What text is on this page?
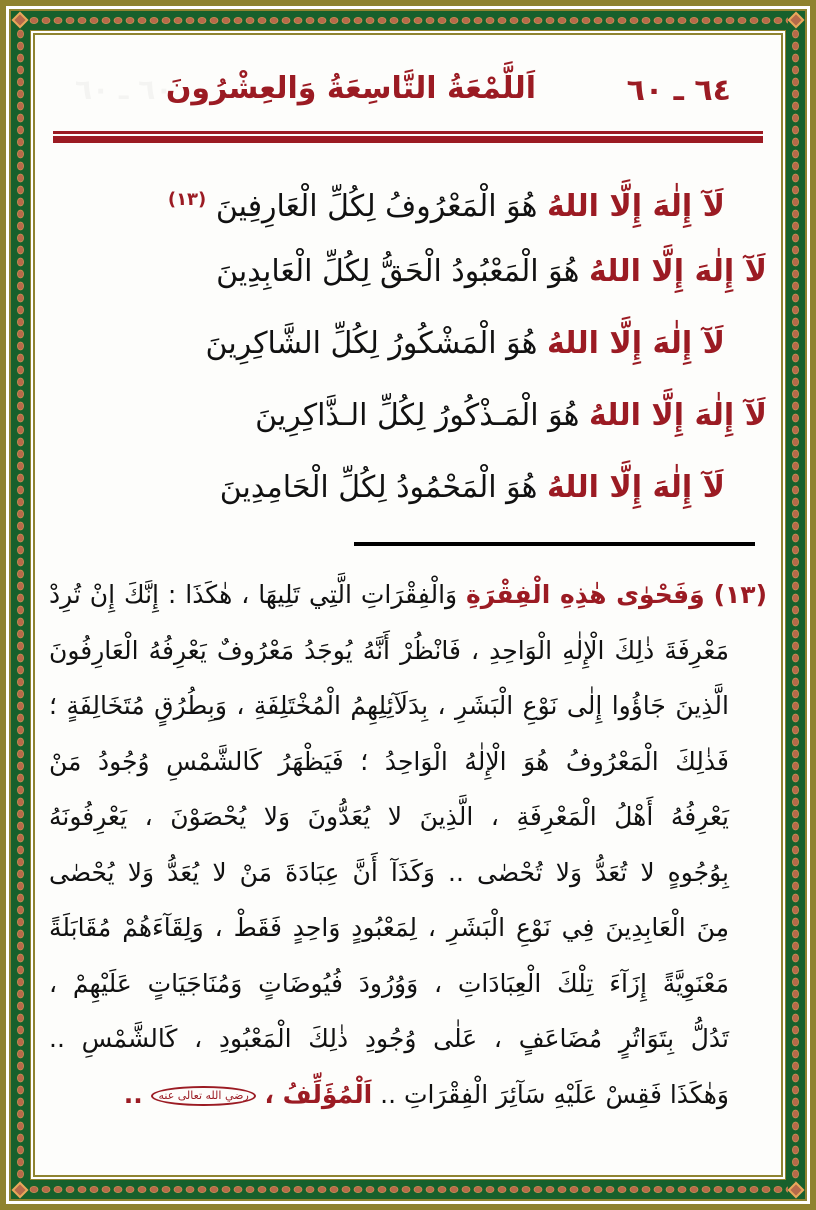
٦٤ ـ ٦٠
اَللَّمْعَةُ التَّاسِعَةُ وَالعِشْرُونَ
٦٠ ـ ٦٠
لَآ إِلٰهَ إِلَّا اللهُ هُوَ الْمَعْرُوفُ لِكُلِّ الْعَارِفِينَ $^{(١٣)}$
لَآ إِلٰهَ إِلَّا اللهُ هُوَ الْمَعْبُودُ الْحَقُّ لِكُلِّ الْعَابِدِينَ
لَآ إِلٰهَ إِلَّا اللهُ هُوَ الْمَشْكُورُ لِكُلِّ الشَّاكِرِينَ
لَآ إِلٰهَ إِلَّا اللهُ هُوَ الْمَـذْكُورُ لِكُلِّ الـذَّاكِرِينَ
لَآ إِلٰهَ إِلَّا اللهُ هُوَ الْمَحْمُودُ لِكُلِّ الْحَامِدِينَ
(١٣) وَفَحْوٰى هٰذِهِ الْفِقْرَةِ وَالْفِقْرَاتِ الَّتِي تَلِيهَا ، هٰكَذَا : إِنَّكَ إِنْ تُرِدْ
مَعْرِفَةَ ذٰلِكَ الْإِلٰهِ الْوَاحِدِ ، فَانْظُرْ أَنَّهُ يُوجَدُ مَعْرُوفٌ يَعْرِفُهُ الْعَارِفُونَ
الَّذِينَ جَاؤُوا إِلٰى نَوْعِ الْبَشَرِ ، بِدَلَآئِلِهِمُ الْمُخْتَلِفَةِ ، وَبِطُرُقٍ مُتَخَالِفَةٍ ؛
فَذٰلِكَ الْمَعْرُوفُ هُوَ الْإِلٰهُ الْوَاحِدُ ؛ فَيَظْهَرُ كَالشَّمْسِ وُجُودُ مَنْ
يَعْرِفُهُ أَهْلُ الْمَعْرِفَةِ ، الَّذِينَ لا يُعَدُّونَ وَلا يُحْصَوْنَ ، يَعْرِفُونَهُ
بِوُجُوهٍ لا تُعَدُّ وَلا تُحْصٰى .. وَكَذَآ أَنَّ عِبَادَةَ مَنْ لا يُعَدُّ وَلا يُحْصٰى
مِنَ الْعَابِدِينَ فِي نَوْعِ الْبَشَرِ ، لِمَعْبُودٍ وَاحِدٍ فَقَطْ ، وَلِقَآءَهُمْ مُقَابَلَةً
مَعْنَوِيَّةً إِزَآءَ تِلْكَ الْعِبَادَاتِ ، وَوُرُودَ فُيُوضَاتٍ وَمُنَاجَيَاتٍ عَلَيْهِمْ ،
تَدُلُّ بِتَوَاتُرٍ مُضَاعَفٍ ، عَلٰى وُجُودِ ذٰلِكَ الْمَعْبُودِ ، كَالشَّمْسِ ..
وَهٰكَذَا فَقِسْ عَلَيْهِ سَآئِرَ الْفِقْرَاتِ .. اَلْمُؤَلِّفُ ، رضي الله تعالى عنه ..
